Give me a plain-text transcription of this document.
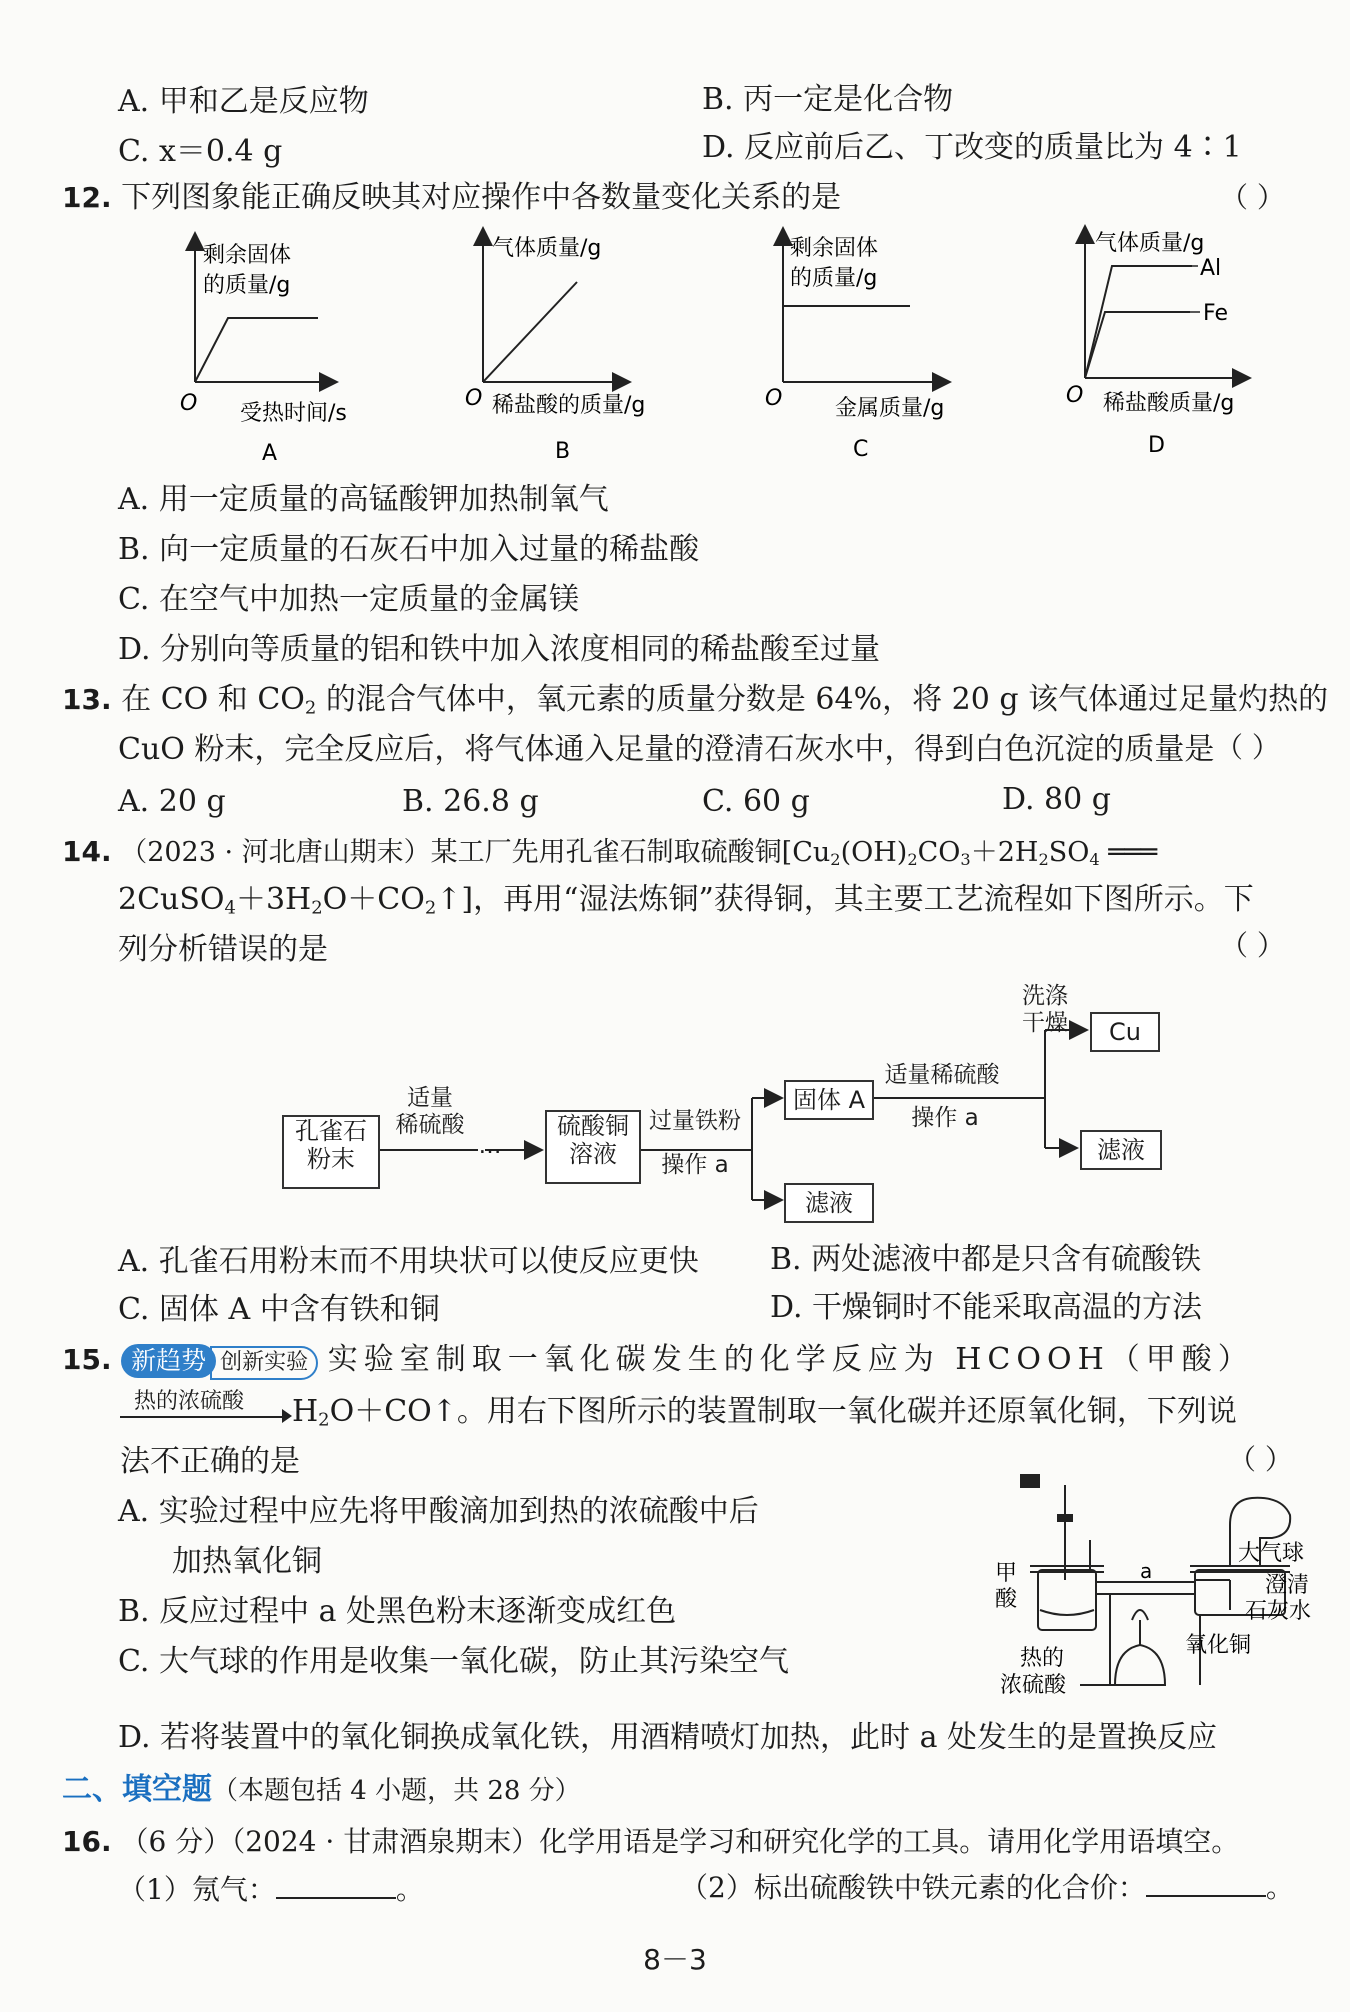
A. 甲和乙是反应物	B. 丙一定是化合物
C. x＝0.4 g	D. 反应前后乙、丁改变的质量比为 4∶1
12. 下列图象能正确反映其对应操作中各数量变化关系的是	（ ）
剩余固体
的质量/g
O 受热时间/s
A
气体质量/g
O 稀盐酸的质量/g
B
剩余固体
的质量/g
O 金属质量/g
C
气体质量/g
Al
Fe
O 稀盐酸质量/g
D
A. 用一定质量的高锰酸钾加热制氧气
B. 向一定质量的石灰石中加入过量的稀盐酸
C. 在空气中加热一定质量的金属镁
D. 分别向等质量的铝和铁中加入浓度相同的稀盐酸至过量
13. 在 CO 和 $CO_2$ 的混合气体中，氧元素的质量分数是 64%，将 20 g 该气体通过足量灼热的
CuO 粉末，完全反应后，将气体通入足量的澄清石灰水中，得到白色沉淀的质量是 （ ）
A. 20 g	B. 26.8 g	C. 60 g	D. 80 g
14. （2023 · 河北唐山期末）某工厂先用孔雀石制取硫酸铜[$Cu_2(OH)_2CO_3+2H_2SO_4$ ═══
$2CuSO_4+3H_2O+CO_2↑$]，再用“湿法炼铜”获得铜，其主要工艺流程如下图所示。下
列分析错误的是	（ ）
孔雀石
粉末
适量
稀硫酸
…
硫酸铜
溶液
过量铁粉
操作 a
固体 A
滤液
适量稀硫酸
操作 a
洗涤
干燥	Cu
滤液
A. 孔雀石用粉末而不用块状可以使反应更快 B. 两处滤液中都是只含有硫酸铁
C. 固体 A 中含有铁和铜	D. 干燥铜时不能采取高温的方法
15. 新趋势 创新实验 实验室制取一氧化碳发生的化学反应为 HCOOH（甲酸）
热的浓硫酸 $H_2O+CO↑$。用右下图所示的装置制取一氧化碳并还原氧化铜，下列说
法不正确的是	（ ）
A. 实验过程中应先将甲酸滴加到热的浓硫酸中后
加热氧化铜
B. 反应过程中 a 处黑色粉末逐渐变成红色
C. 大气球的作用是收集一氧化碳，防止其污染空气
D. 若将装置中的氧化铜换成氧化铁，用酒精喷灯加热，此时 a 处发生的是置换反应
甲
酸
a
热的
浓硫酸
氧化铜
大气球
澄清
石灰水
二、填空题（本题包括 4 小题，共 28 分）
16. （6 分）（2024 · 甘肃酒泉期末）化学用语是学习和研究化学的工具。请用化学用语填空。
（1）氖气：	。	（2）标出硫酸铁中铁元素的化合价：	。
8－3
